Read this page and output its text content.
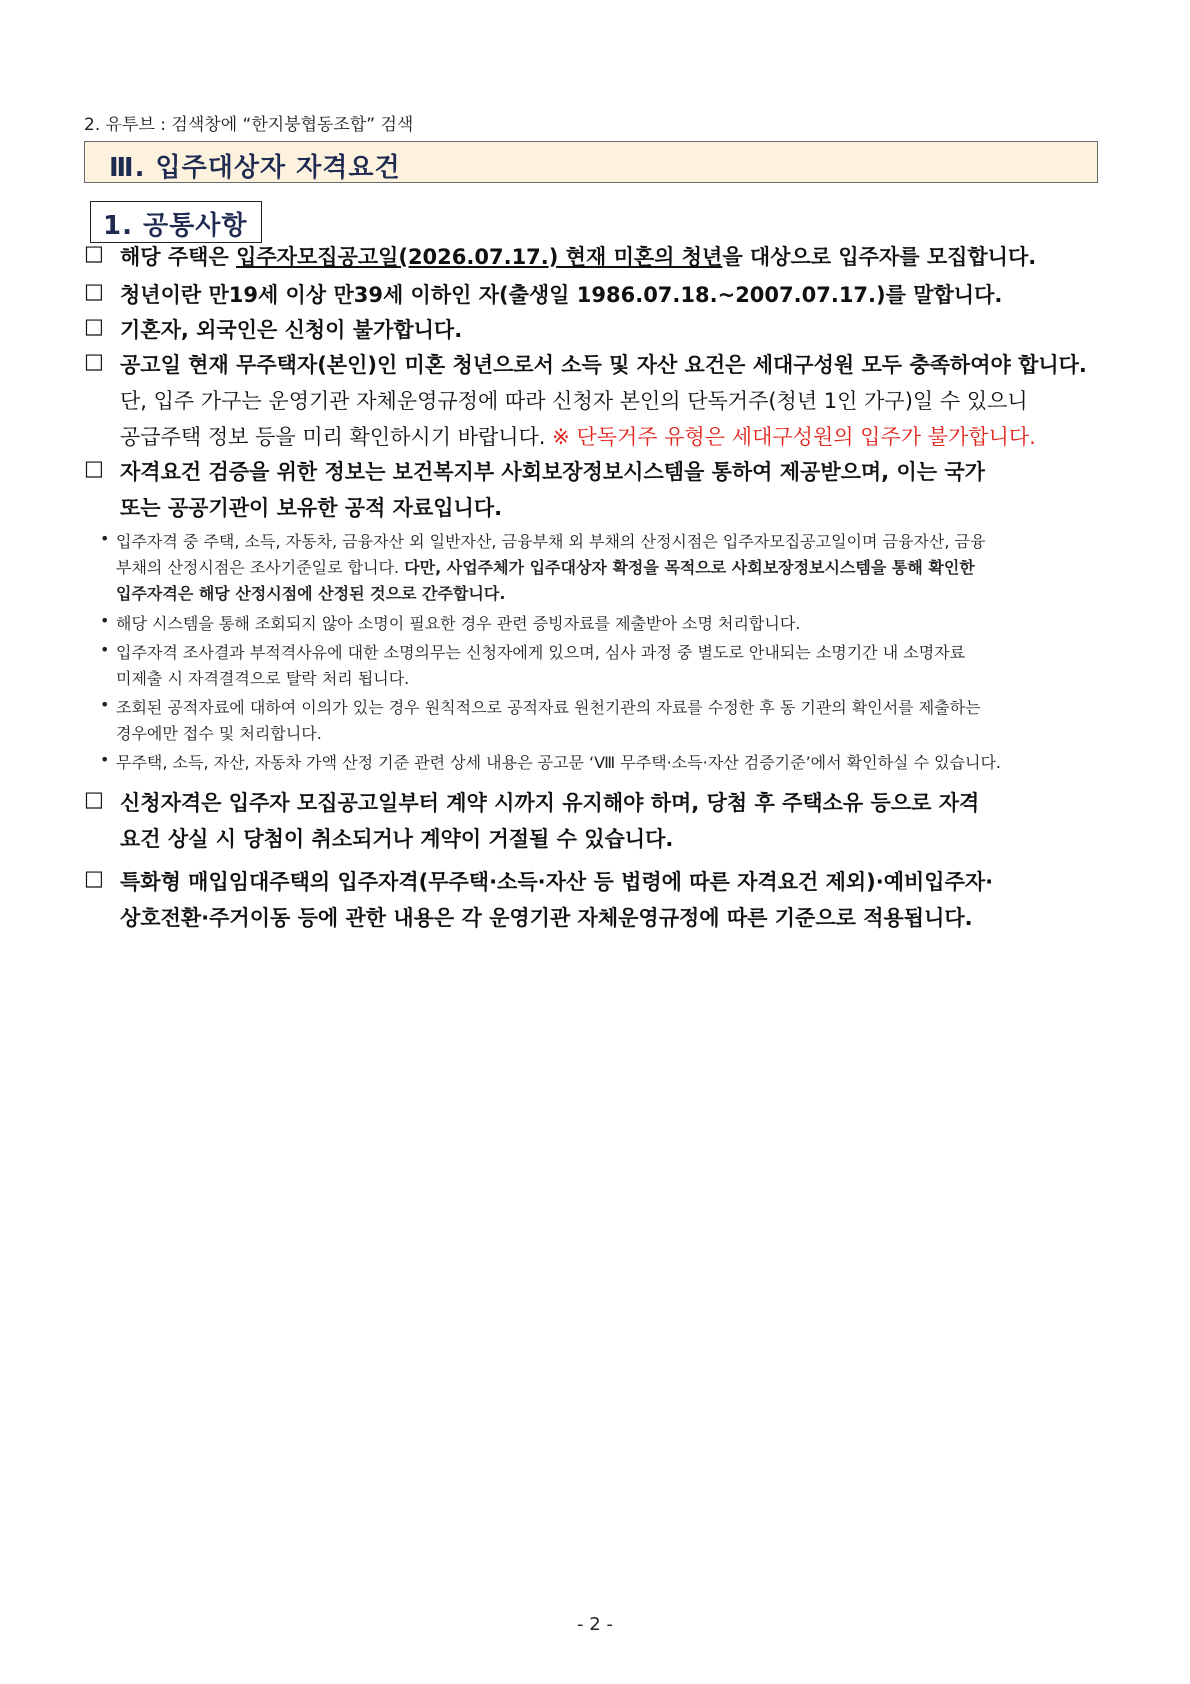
2. 유투브 : 검색창에 “한지붕협동조합” 검색
Ⅲ. 입주대상자 자격요건
1. 공통사항
□ 해당 주택은 입주자모집공고일(2026.07.17.) 현재 미혼의 청년을 대상으로 입주자를 모집합니다.
□ 청년이란 만19세 이상 만39세 이하인 자(출생일 1986.07.18.~2007.07.17.)를 말합니다.
□ 기혼자, 외국인은 신청이 불가합니다.
□ 공고일 현재 무주택자(본인)인 미혼 청년으로서 소득 및 자산 요건은 세대구성원 모두 충족하여야 합니다.
단, 입주 가구는 운영기관 자체운영규정에 따라 신청자 본인의 단독거주(청년 1인 가구)일 수 있으니
공급주택 정보 등을 미리 확인하시기 바랍니다. ※ 단독거주 유형은 세대구성원의 입주가 불가합니다.
□ 자격요건 검증을 위한 정보는 보건복지부 사회보장정보시스템을 통하여 제공받으며, 이는 국가
또는 공공기관이 보유한 공적 자료입니다.
• 입주자격 중 주택, 소득, 자동차, 금융자산 외 일반자산, 금융부채 외 부채의 산정시점은 입주자모집공고일이며 금융자산, 금융
부채의 산정시점은 조사기준일로 합니다. 다만, 사업주체가 입주대상자 확정을 목적으로 사회보장정보시스템을 통해 확인한
입주자격은 해당 산정시점에 산정된 것으로 간주합니다.
• 해당 시스템을 통해 조회되지 않아 소명이 필요한 경우 관련 증빙자료를 제출받아 소명 처리합니다.
• 입주자격 조사결과 부적격사유에 대한 소명의무는 신청자에게 있으며, 심사 과정 중 별도로 안내되는 소명기간 내 소명자료
미제출 시 자격결격으로 탈락 처리 됩니다.
• 조회된 공적자료에 대하여 이의가 있는 경우 원칙적으로 공적자료 원천기관의 자료를 수정한 후 동 기관의 확인서를 제출하는
경우에만 접수 및 처리합니다.
• 무주택, 소득, 자산, 자동차 가액 산정 기준 관련 상세 내용은 공고문 ‘Ⅷ 무주택·소득·자산 검증기준’에서 확인하실 수 있습니다.
□ 신청자격은 입주자 모집공고일부터 계약 시까지 유지해야 하며, 당첨 후 주택소유 등으로 자격
요건 상실 시 당첨이 취소되거나 계약이 거절될 수 있습니다.
□ 특화형 매입임대주택의 입주자격(무주택·소득·자산 등 법령에 따른 자격요건 제외)·예비입주자·
상호전환·주거이동 등에 관한 내용은 각 운영기관 자체운영규정에 따른 기준으로 적용됩니다.
- 2 -
